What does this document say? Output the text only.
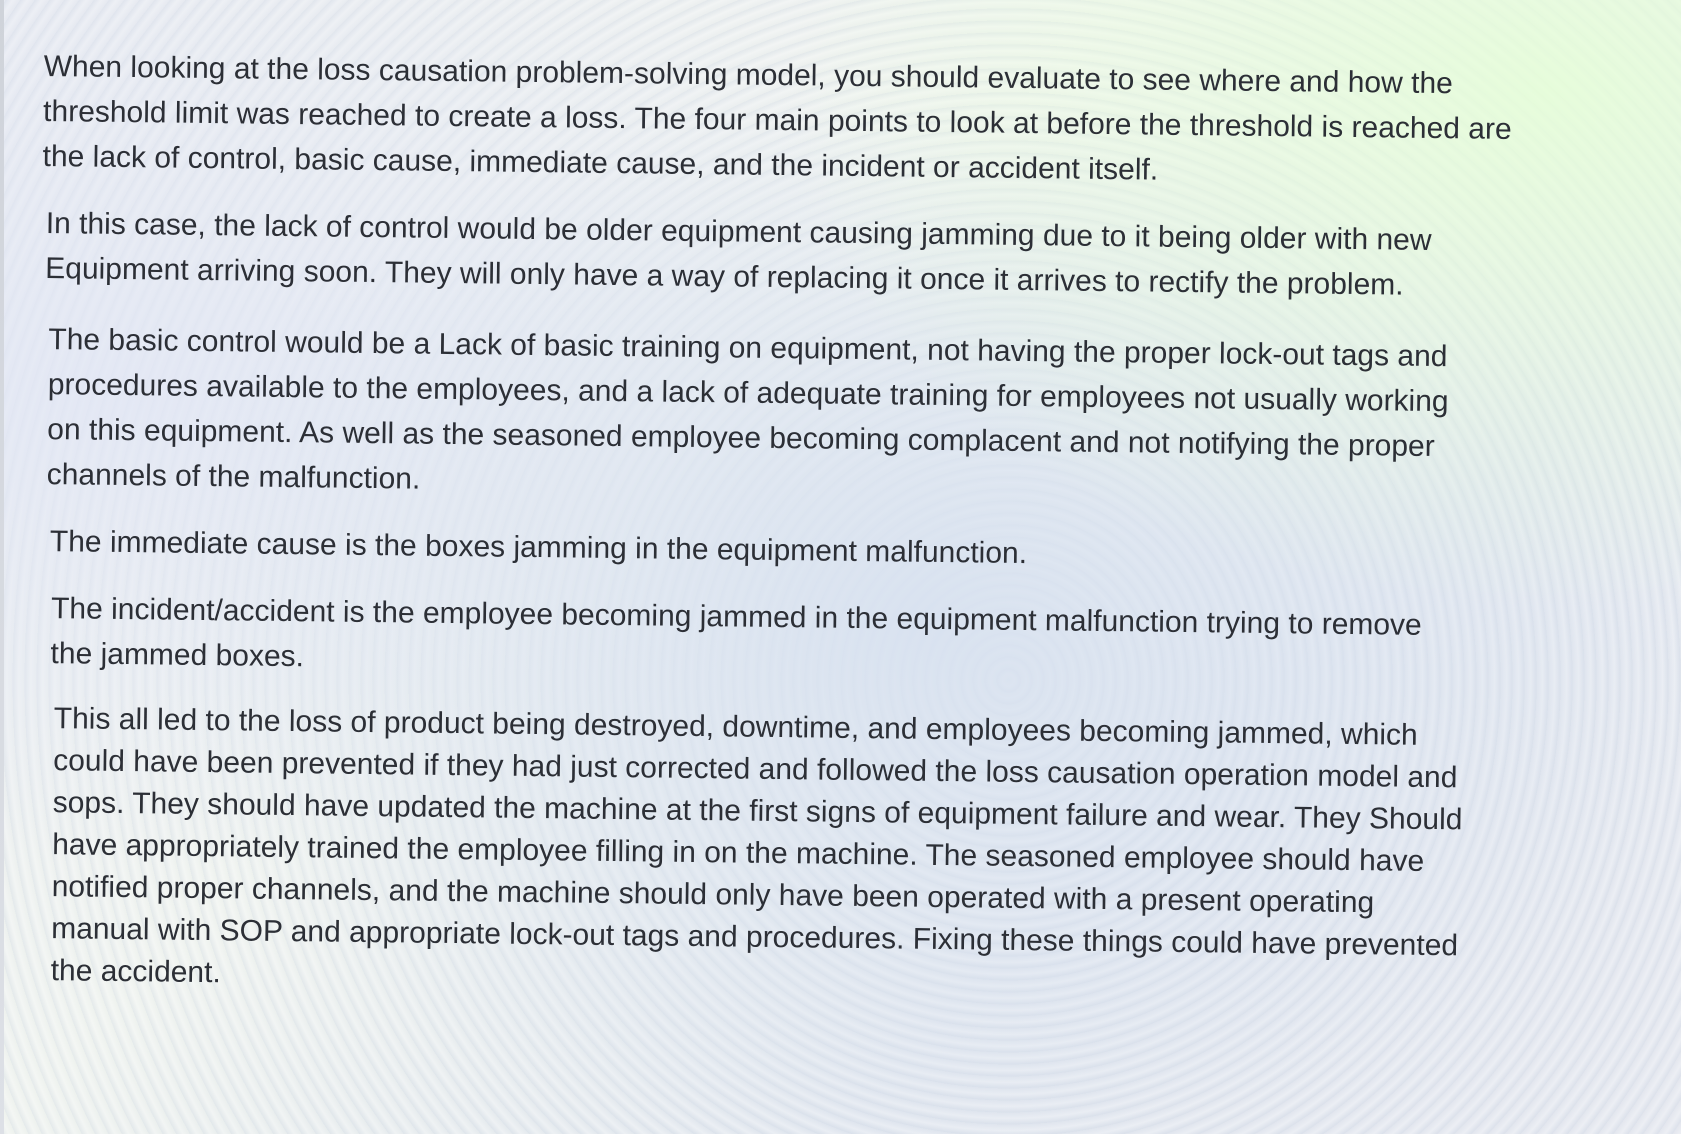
When looking at the loss causation problem-solving model, you should evaluate to see where and how the threshold limit was reached to create a loss. The four main points to look at before the threshold is reached are the lack of control, basic cause, immediate cause, and the incident or accident itself.

In this case, the lack of control would be older equipment causing jamming due to it being older with new Equipment arriving soon. They will only have a way of replacing it once it arrives to rectify the problem.

The basic control would be a Lack of basic training on equipment, not having the proper lock-out tags and procedures available to the employees, and a lack of adequate training for employees not usually working on this equipment. As well as the seasoned employee becoming complacent and not notifying the proper channels of the malfunction.

The immediate cause is the boxes jamming in the equipment malfunction.

The incident/accident is the employee becoming jammed in the equipment malfunction trying to remove the jammed boxes.

This all led to the loss of product being destroyed, downtime, and employees becoming jammed, which could have been prevented if they had just corrected and followed the loss causation operation model and sops. They should have updated the machine at the first signs of equipment failure and wear. They Should have appropriately trained the employee filling in on the machine. The seasoned employee should have notified proper channels, and the machine should only have been operated with a present operating manual with SOP and appropriate lock-out tags and procedures. Fixing these things could have prevented the accident.
